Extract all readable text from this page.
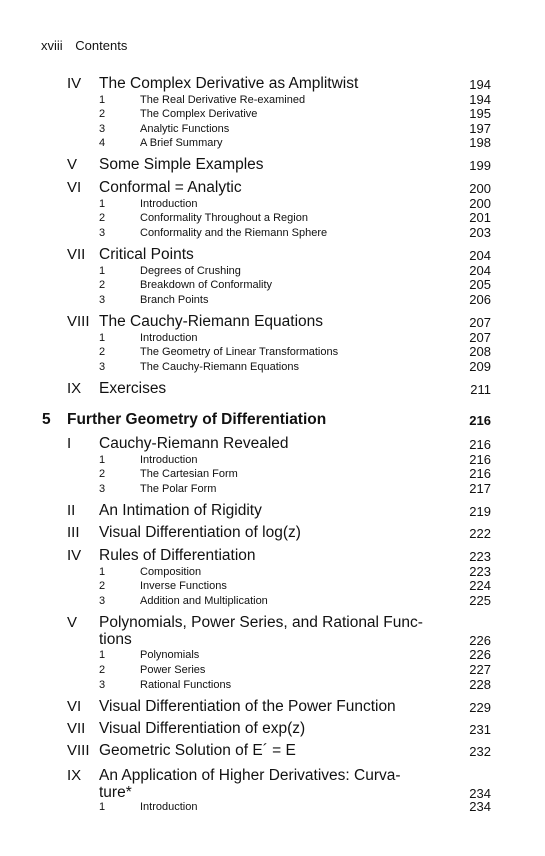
xviii Contents
IV The Complex Derivative as Amplitwist	194
1	The Real Derivative Re-examined	194
2	The Complex Derivative	195
3	Analytic Functions	197
4	A Brief Summary	198
V Some Simple Examples	199
VI Conformal = Analytic	200
1	Introduction	200
2	Conformality Throughout a Region	201
3	Conformality and the Riemann Sphere	203
VII Critical Points	204
1	Degrees of Crushing	204
2	Breakdown of Conformality	205
3	Branch Points	206
VIII The Cauchy-Riemann Equations	207
1	Introduction	207
2	The Geometry of Linear Transformations	208
3	The Cauchy-Riemann Equations	209
IX Exercises	211
5 Further Geometry of Differentiation	216
I Cauchy-Riemann Revealed	216
1	Introduction	216
2	The Cartesian Form	216
3	The Polar Form	217
II An Intimation of Rigidity	219
III Visual Differentiation of log(z)	222
IV Rules of Differentiation	223
1	Composition	223
2	Inverse Functions	224
3	Addition and Multiplication	225
V Polynomials, Power Series, and Rational Func-
tions	226
1	Polynomials	226
2	Power Series	227
3	Rational Functions	228
VI Visual Differentiation of the Power Function	229
VII Visual Differentiation of exp(z)	231
VIII Geometric Solution of E´ = E	232
IX An Application of Higher Derivatives: Curva-
ture*	234
1	Introduction	234
